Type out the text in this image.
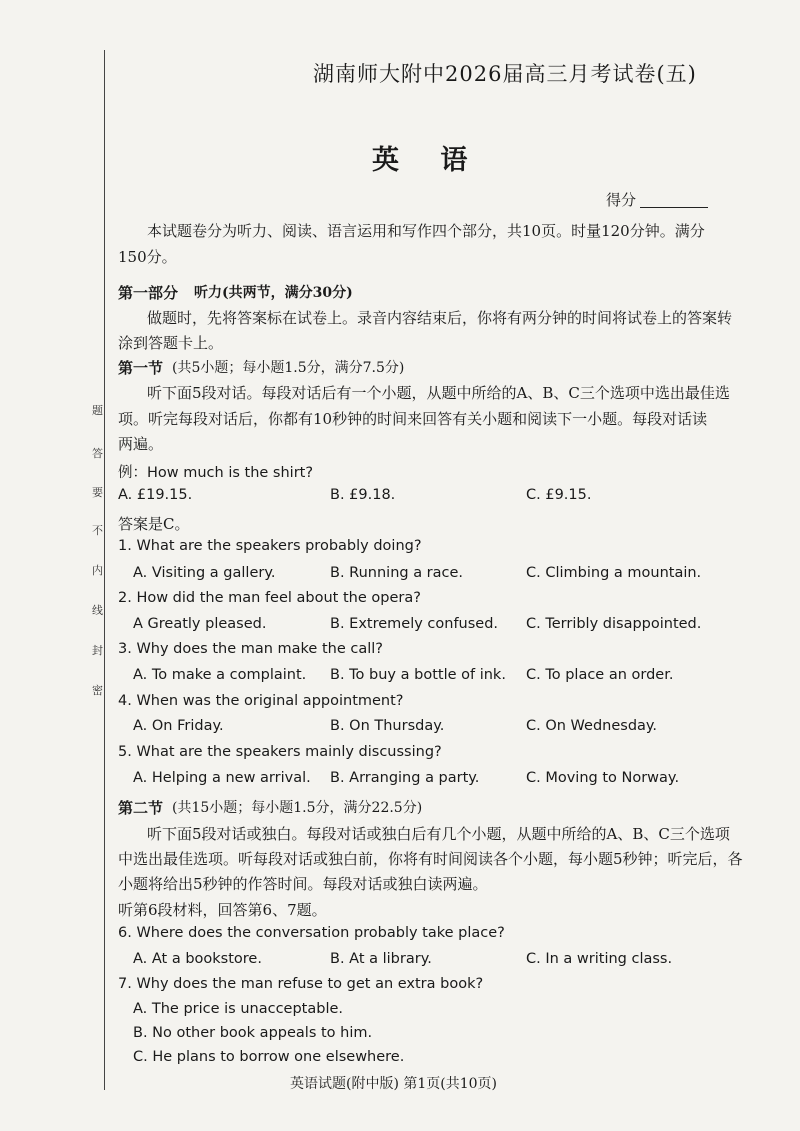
题
答
要
不
内
线
封
密
湖南师大附中2026届高三月考试卷(五)
英 语
得分
本试题卷分为听力、阅读、语言运用和写作四个部分，共10页。时量120分钟。满分
150分。
第一部分 听力(共两节，满分30分)
做题时，先将答案标在试卷上。录音内容结束后，你将有两分钟的时间将试卷上的答案转
涂到答题卡上。
第一节 (共5小题；每小题1.5分，满分7.5分)
听下面5段对话。每段对话后有一个小题，从题中所给的A、B、C三个选项中选出最佳选
项。听完每段对话后，你都有10秒钟的时间来回答有关小题和阅读下一小题。每段对话读
两遍。
例：How much is the shirt?
A. £19.15.	B. £9.18.	C. £9.15.
答案是C。
1. What are the speakers probably doing?
A. Visiting a gallery.	B. Running a race.	C. Climbing a mountain.
2. How did the man feel about the opera?
A Greatly pleased.	B. Extremely confused. C. Terribly disappointed.
3. Why does the man make the call?
A. To make a complaint. B. To buy a bottle of ink. C. To place an order.
4. When was the original appointment?
A. On Friday.	B. On Thursday.	C. On Wednesday.
5. What are the speakers mainly discussing?
A. Helping a new arrival. B. Arranging a party.	C. Moving to Norway.
第二节 (共15小题；每小题1.5分，满分22.5分)
听下面5段对话或独白。每段对话或独白后有几个小题，从题中所给的A、B、C三个选项
中选出最佳选项。听每段对话或独白前，你将有时间阅读各个小题，每小题5秒钟；听完后，各
小题将给出5秒钟的作答时间。每段对话或独白读两遍。
听第6段材料，回答第6、7题。
6. Where does the conversation probably take place?
A. At a bookstore.	B. At a library.	C. In a writing class.
7. Why does the man refuse to get an extra book?
A. The price is unacceptable.
B. No other book appeals to him.
C. He plans to borrow one elsewhere.
英语试题(附中版) 第1页(共10页)
